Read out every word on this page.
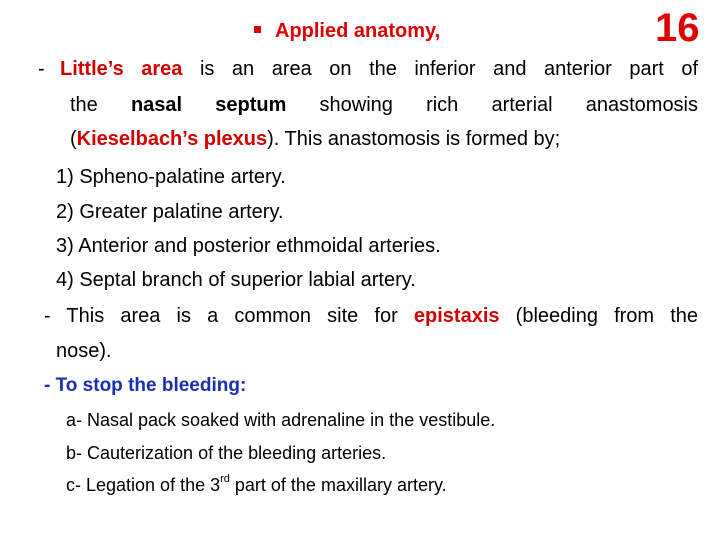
16
Applied anatomy,
- Little’s area is an area on the inferior and anterior part of
the nasal septum showing rich arterial anastomosis
(Kieselbach’s plexus). This anastomosis is formed by;
1) Spheno-palatine artery.
2) Greater palatine artery.
3) Anterior and posterior ethmoidal arteries.
4) Septal branch of superior labial artery.
- This area is a common site for epistaxis (bleeding from the
nose).
- To stop the bleeding:
a- Nasal pack soaked with adrenaline in the vestibule.
b- Cauterization of the bleeding arteries.
c- Legation of the 3rd part of the maxillary artery.
